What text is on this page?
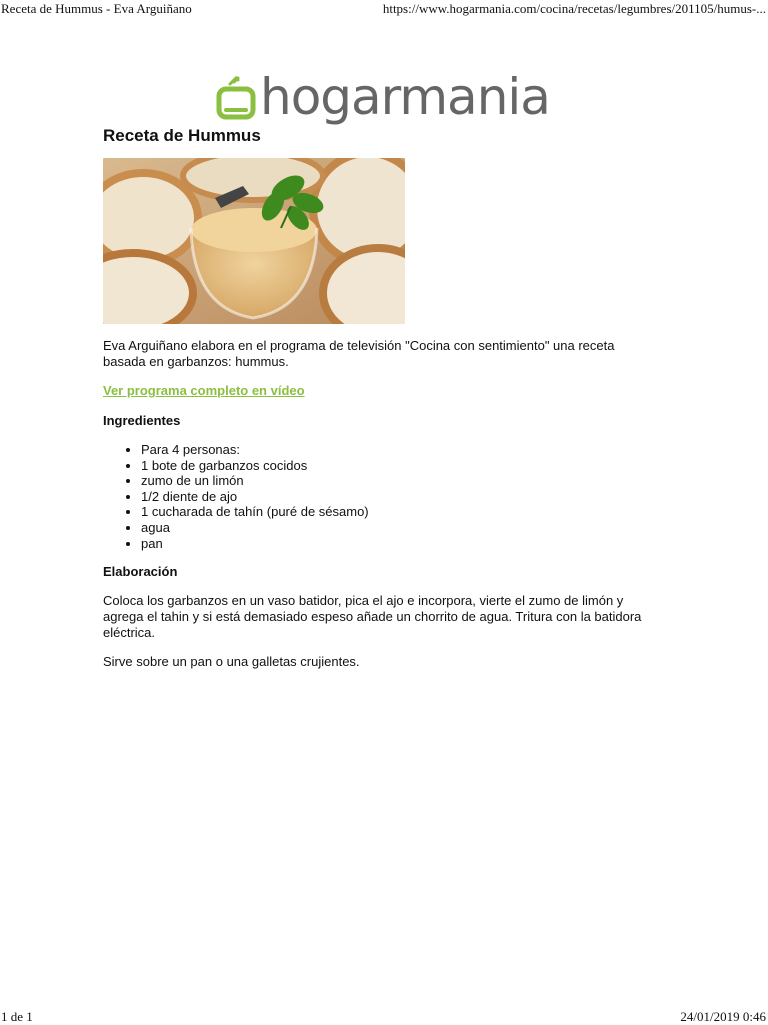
Receta de Hummus - Eva Arguiñano	https://www.hogarmania.com/cocina/recetas/legumbres/201105/humus-...
hogarmania
Receta de Hummus
Eva Arguiñano elabora en el programa de televisión "Cocina con sentimiento" una receta basada en garbanzos: hummus.
Ver programa completo en vídeo
Ingredientes
• Para 4 personas:
• 1 bote de garbanzos cocidos
• zumo de un limón
• 1/2 diente de ajo
• 1 cucharada de tahín (puré de sésamo)
• agua
• pan
Elaboración
Coloca los garbanzos en un vaso batidor, pica el ajo e incorpora, vierte el zumo de limón y agrega el tahin y si está demasiado espeso añade un chorrito de agua. Tritura con la batidora eléctrica.
Sirve sobre un pan o una galletas crujientes.
1 de 1	24/01/2019 0:46
